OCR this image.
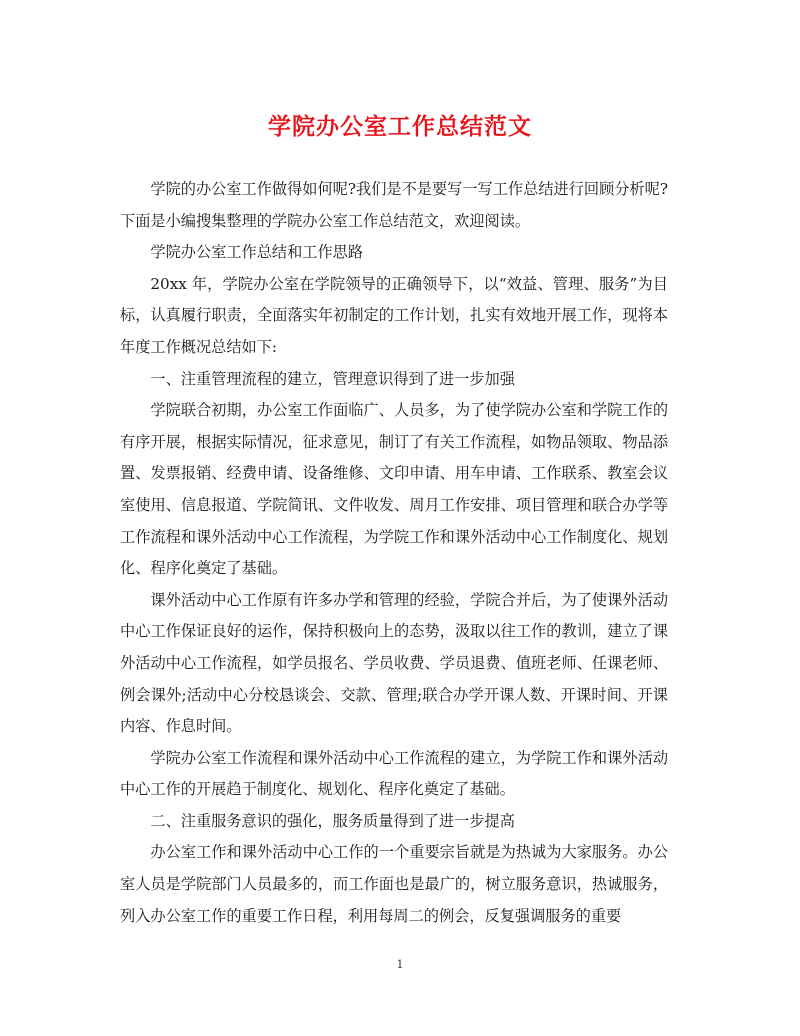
学院办公室工作总结范文

学院的办公室工作做得如何呢?我们是不是要写一写工作总结进行回顾分析呢?下面是小编搜集整理的学院办公室工作总结范文，欢迎阅读。

学院办公室工作总结和工作思路

20xx 年，学院办公室在学院领导的正确领导下，以“效益、管理、服务”为目标，认真履行职责，全面落实年初制定的工作计划，扎实有效地开展工作，现将本年度工作概况总结如下:

一、注重管理流程的建立，管理意识得到了进一步加强

学院联合初期，办公室工作面临广、人员多，为了使学院办公室和学院工作的有序开展，根据实际情况，征求意见，制订了有关工作流程，如物品领取、物品添置、发票报销、经费申请、设备维修、文印申请、用车申请、工作联系、教室会议室使用、信息报道、学院简讯、文件收发、周月工作安排、项目管理和联合办学等工作流程和课外活动中心工作流程，为学院工作和课外活动中心工作制度化、规划化、程序化奠定了基础。

课外活动中心工作原有许多办学和管理的经验，学院合并后，为了使课外活动中心工作保证良好的运作，保持积极向上的态势，汲取以往工作的教训，建立了课外活动中心工作流程，如学员报名、学员收费、学员退费、值班老师、任课老师、例会课外;活动中心分校恳谈会、交款、管理;联合办学开课人数、开课时间、开课内容、作息时间。

学院办公室工作流程和课外活动中心工作流程的建立，为学院工作和课外活动中心工作的开展趋于制度化、规划化、程序化奠定了基础。

二、注重服务意识的强化，服务质量得到了进一步提高

办公室工作和课外活动中心工作的一个重要宗旨就是为热诚为大家服务。办公室人员是学院部门人员最多的，而工作面也是最广的，树立服务意识，热诚服务，列入办公室工作的重要工作日程，利用每周二的例会，反复强调服务的重要

1
